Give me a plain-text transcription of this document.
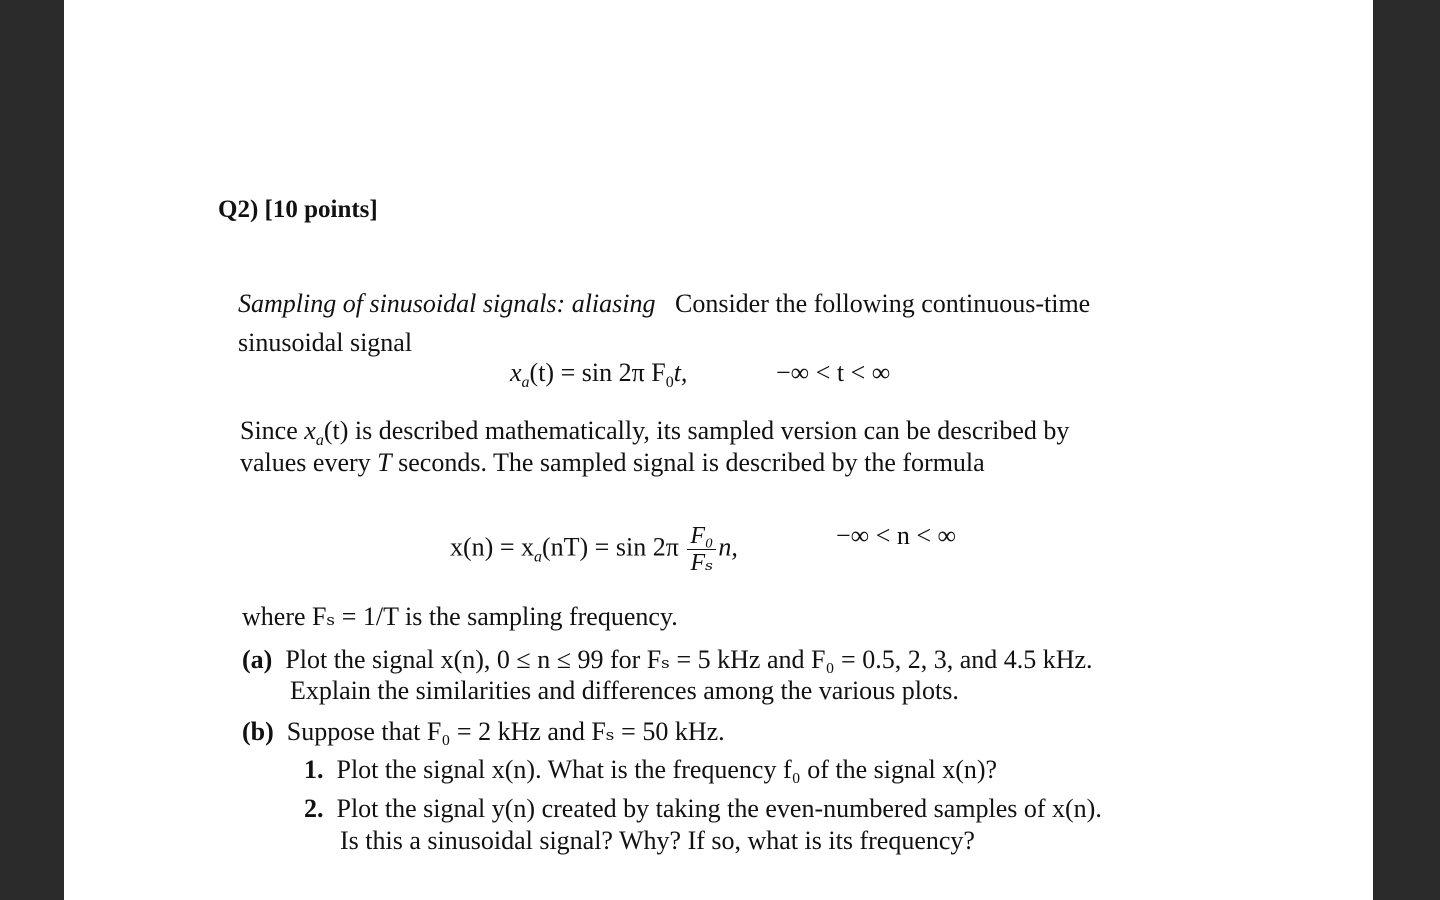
Q2) [10 points]
Sampling of sinusoidal signals: aliasing Consider the following continuous-time
sinusoidal signal
$x_a(t) = \sin 2\pi$ $F_0t$,	−∞ < t < ∞
Since $x_a(t)$ is described mathematically, its sampled version can be described by
values every T seconds. The sampled signal is described by the formula
$x(n) = x_a(nT) = \sin 2\pi \frac{\text{F₀}}{\text{Fₛ}} n$,	−∞ < n < ∞
where Fₛ = 1/T is the sampling frequency.
(a) Plot the signal x(n), 0 ≤ n ≤ 99 for Fₛ = 5 kHz and F₀ = 0.5, 2, 3, and 4.5 kHz.
Explain the similarities and differences among the various plots.
(b) Suppose that F₀ = 2 kHz and Fₛ = 50 kHz.
1. Plot the signal x(n). What is the frequency f₀ of the signal x(n)?
2. Plot the signal y(n) created by taking the even-numbered samples of x(n).
Is this a sinusoidal signal? Why? If so, what is its frequency?
